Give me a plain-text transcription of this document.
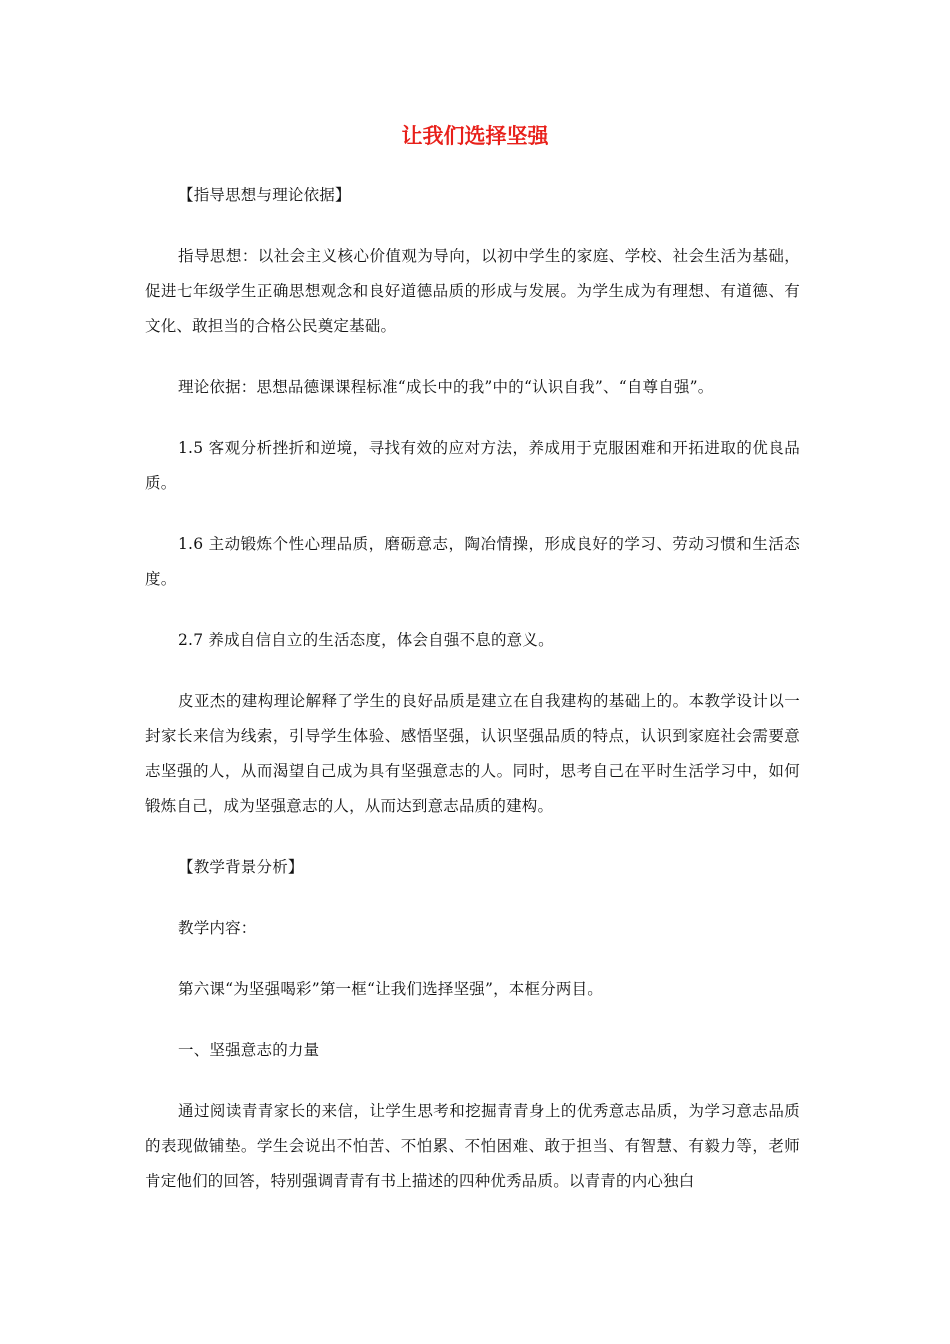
让我们选择坚强

【指导思想与理论依据】

指导思想：以社会主义核心价值观为导向，以初中学生的家庭、学校、社会生活为基础，促进七年级学生正确思想观念和良好道德品质的形成与发展。为学生成为有理想、有道德、有文化、敢担当的合格公民奠定基础。

理论依据：思想品德课课程标准“成长中的我”中的“认识自我”、“自尊自强”。

1.5 客观分析挫折和逆境，寻找有效的应对方法，养成用于克服困难和开拓进取的优良品质。

1.6 主动锻炼个性心理品质，磨砺意志，陶冶情操，形成良好的学习、劳动习惯和生活态度。

2.7 养成自信自立的生活态度，体会自强不息的意义。

皮亚杰的建构理论解释了学生的良好品质是建立在自我建构的基础上的。本教学设计以一封家长来信为线索，引导学生体验、感悟坚强，认识坚强品质的特点，认识到家庭社会需要意志坚强的人，从而渴望自己成为具有坚强意志的人。同时，思考自己在平时生活学习中，如何锻炼自己，成为坚强意志的人，从而达到意志品质的建构。

【教学背景分析】

教学内容：

第六课“为坚强喝彩”第一框“让我们选择坚强”，本框分两目。

一、坚强意志的力量

通过阅读青青家长的来信，让学生思考和挖掘青青身上的优秀意志品质，为学习意志品质的表现做铺垫。学生会说出不怕苦、不怕累、不怕困难、敢于担当、有智慧、有毅力等，老师肯定他们的回答，特别强调青青有书上描述的四种优秀品质。以青青的内心独白
